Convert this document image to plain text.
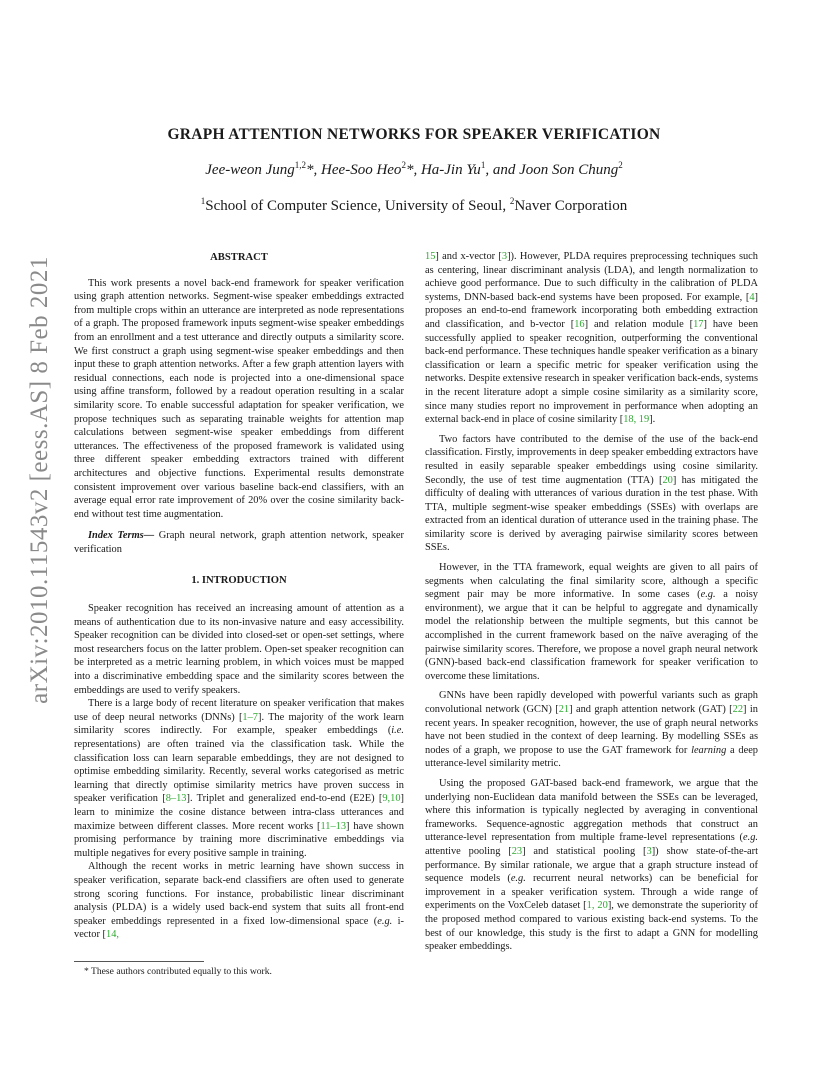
arXiv:2010.11543v2 [eess.AS] 8 Feb 2021
GRAPH ATTENTION NETWORKS FOR SPEAKER VERIFICATION
Jee-weon Jung$^{1,2}$*, Hee-Soo Heo$^2$*, Ha-Jin Yu$^1$, and Joon Son Chung$^2$
$^1$School of Computer Science, University of Seoul, $^2$Naver Corporation

ABSTRACT

This work presents a novel back-end framework for speaker verification using graph attention networks. Segment-wise speaker embeddings extracted from multiple crops within an utterance are interpreted as node representations of a graph. The proposed framework inputs segment-wise speaker embeddings from an enrollment and a test utterance and directly outputs a similarity score. We first construct a graph using segment-wise speaker embeddings and then input these to graph attention networks. After a few graph attention layers with residual connections, each node is projected into a one-dimensional space using affine transform, followed by a readout operation resulting in a scalar similarity score. To enable successful adaptation for speaker verification, we propose techniques such as separating trainable weights for attention map calculations between segment-wise speaker embeddings from different utterances. The effectiveness of the proposed framework is validated using three different speaker embedding extractors trained with different architectures and objective functions. Experimental results demonstrate consistent improvement over various baseline back-end classifiers, with an average equal error rate improvement of 20% over the cosine similarity back-end without test time augmentation.

Index Terms— Graph neural network, graph attention network, speaker verification

1. INTRODUCTION

Speaker recognition has received an increasing amount of attention as a means of authentication due to its non-invasive nature and easy accessibility. Speaker recognition can be divided into closed-set or open-set settings, where most researchers focus on the latter problem. Open-set speaker recognition can be interpreted as a metric learning problem, in which voices must be mapped into a discriminative embedding space and the similarity scores between the embeddings are used to verify speakers.

There is a large body of recent literature on speaker verification that makes use of deep neural networks (DNNs) [1–7]. The majority of the work learn similarity scores indirectly. For example, speaker embeddings (i.e. representations) are often trained via the classification task. While the classification loss can learn separable embeddings, they are not designed to optimise embedding similarity. Recently, several works categorised as metric learning that directly optimise similarity metrics have proven success in speaker verification [8–13]. Triplet and generalized end-to-end (E2E) [9,10] learn to minimize the cosine distance between intra-class utterances and maximize between different classes. More recent works [11–13] have shown promising performance by training more discriminative embeddings via multiple negatives for every positive sample in training.

Although the recent works in metric learning have shown success in speaker verification, separate back-end classifiers are often used to generate strong scoring functions. For instance, probabilistic linear discriminant analysis (PLDA) is a widely used back-end system that suits all front-end speaker embeddings represented in a fixed low-dimensional space (e.g. i-vector [14,

15] and x-vector [3]). However, PLDA requires preprocessing techniques such as centering, linear discriminant analysis (LDA), and length normalization to achieve good performance. Due to such difficulty in the calibration of PLDA systems, DNN-based back-end systems have been proposed. For example, [4] proposes an end-to-end framework incorporating both embedding extraction and classification, and b-vector [16] and relation module [17] have been successfully applied to speaker recognition, outperforming the conventional back-end performance. These techniques handle speaker verification as a binary classification or learn a specific metric for speaker verification using the networks. Despite extensive research in speaker verification back-ends, systems in the recent literature adopt a simple cosine similarity as a similarity score, since many studies report no improvement in performance when adopting an external back-end in place of cosine similarity [18, 19].

Two factors have contributed to the demise of the use of the back-end classification. Firstly, improvements in deep speaker embedding extractors have resulted in easily separable speaker embeddings using cosine similarity. Secondly, the use of test time augmentation (TTA) [20] has mitigated the difficulty of dealing with utterances of various duration in the test phase. With TTA, multiple segment-wise speaker embeddings (SSEs) with overlaps are extracted from an identical duration of utterance used in the training phase. The similarity score is derived by averaging pairwise similarity scores between SSEs.

However, in the TTA framework, equal weights are given to all pairs of segments when calculating the final similarity score, although a specific segment pair may be more informative. In some cases (e.g. a noisy environment), we argue that it can be helpful to aggregate and dynamically model the relationship between the multiple segments, but this cannot be accomplished in the current framework based on the naïve averaging of the pairwise similarity scores. Therefore, we propose a novel graph neural network (GNN)-based back-end classification framework for speaker verification to overcome these limitations.

GNNs have been rapidly developed with powerful variants such as graph convolutional network (GCN) [21] and graph attention network (GAT) [22] in recent years. In speaker recognition, however, the use of graph neural networks have not been studied in the context of deep learning. By modelling SSEs as nodes of a graph, we propose to use the GAT framework for learning a deep utterance-level similarity metric.

Using the proposed GAT-based back-end framework, we argue that the underlying non-Euclidean data manifold between the SSEs can be leveraged, where this information is typically neglected by averaging in conventional frameworks. Sequence-agnostic aggregation methods that construct an utterance-level representation from multiple frame-level representations (e.g. attentive pooling [23] and statistical pooling [3]) show state-of-the-art performance. By similar rationale, we argue that a graph structure instead of sequence models (e.g. recurrent neural networks) can be beneficial for improvement in a speaker verification system. Through a wide range of experiments on the VoxCeleb dataset [1, 20], we demonstrate the superiority of the proposed method compared to various existing back-end systems. To the best of our knowledge, this study is the first to adapt a GNN for modelling speaker embeddings.

* These authors contributed equally to this work.
